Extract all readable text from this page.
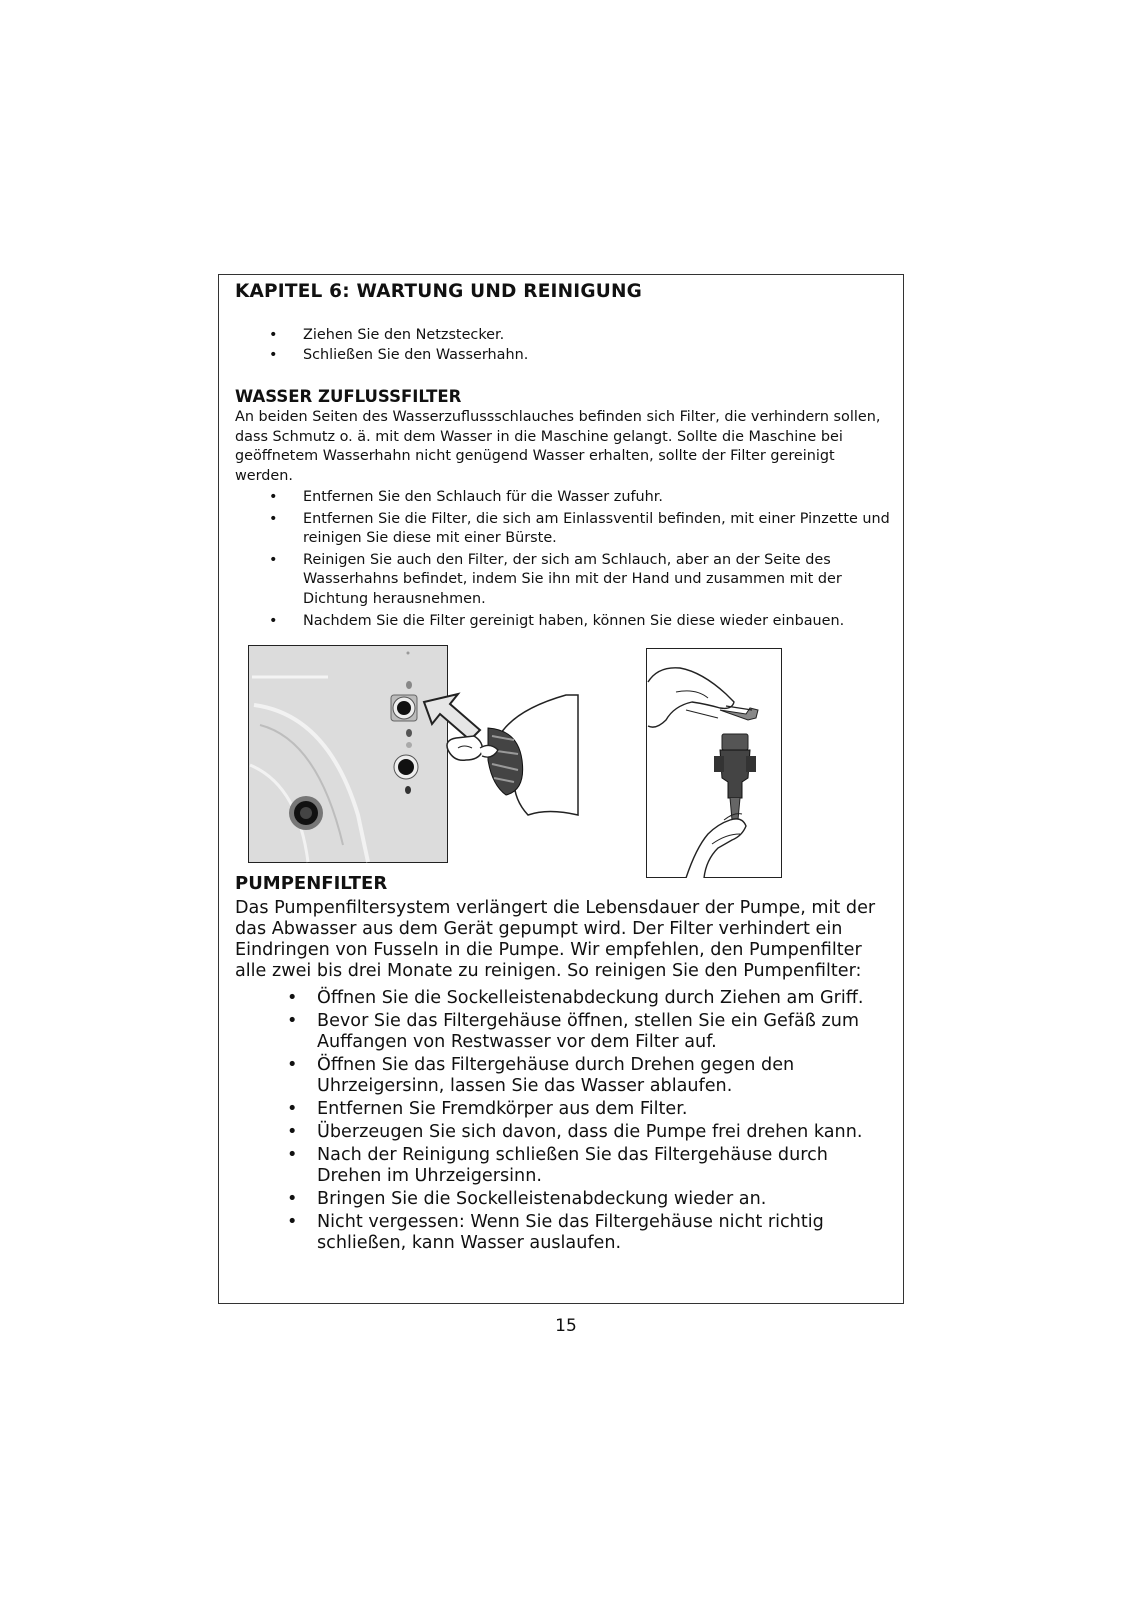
KAPITEL 6: WARTUNG UND REINIGUNG
• Ziehen Sie den Netzstecker.
• Schließen Sie den Wasserhahn.
WASSER ZUFLUSSFILTER

An beiden Seiten des Wasserzuflussschlauches befinden sich Filter, die verhindern sollen, dass Schmutz o. ä. mit dem Wasser in die Maschine gelangt. Sollte die Maschine bei geöffnetem Wasserhahn nicht genügend Wasser erhalten, sollte der Filter gereinigt werden.

• Entfernen Sie den Schlauch für die Wasser zufuhr.
• Entfernen Sie die Filter, die sich am Einlassventil befinden, mit einer Pinzette und reinigen Sie diese mit einer Bürste.
• Reinigen Sie auch den Filter, der sich am Schlauch, aber an der Seite des Wasserhahns befindet, indem Sie ihn mit der Hand und zusammen mit der Dichtung herausnehmen.
• Nachdem Sie die Filter gereinigt haben, können Sie diese wieder einbauen.
PUMPENFILTER

Das Pumpenfiltersystem verlängert die Lebensdauer der Pumpe, mit der das Abwasser aus dem Gerät gepumpt wird. Der Filter verhindert ein Eindringen von Fusseln in die Pumpe. Wir empfehlen, den Pumpenfilter alle zwei bis drei Monate zu reinigen. So reinigen Sie den Pumpenfilter:

• Öffnen Sie die Sockelleistenabdeckung durch Ziehen am Griff.
• Bevor Sie das Filtergehäuse öffnen, stellen Sie ein Gefäß zum Auffangen von Restwasser vor dem Filter auf.
• Öffnen Sie das Filtergehäuse durch Drehen gegen den Uhrzeigersinn, lassen Sie das Wasser ablaufen.
• Entfernen Sie Fremdkörper aus dem Filter.
• Überzeugen Sie sich davon, dass die Pumpe frei drehen kann.
• Nach der Reinigung schließen Sie das Filtergehäuse durch Drehen im Uhrzeigersinn.
• Bringen Sie die Sockelleistenabdeckung wieder an.
• Nicht vergessen: Wenn Sie das Filtergehäuse nicht richtig schließen, kann Wasser auslaufen.
15
